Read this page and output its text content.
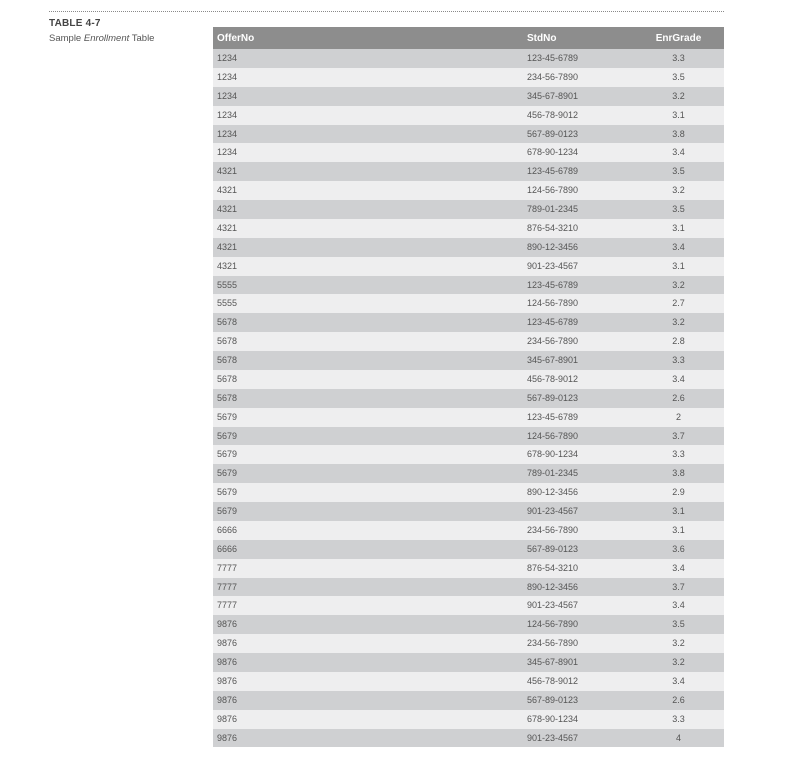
TABLE 4-7
Sample Enrollment Table	OfferNo	StdNo	EnrGrade
1234	123-45-6789	3.3
1234	234-56-7890	3.5
1234	345-67-8901	3.2
1234	456-78-9012	3.1
1234	567-89-0123	3.8
1234	678-90-1234	3.4
4321	123-45-6789	3.5
4321	124-56-7890	3.2
4321	789-01-2345	3.5
4321	876-54-3210	3.1
4321	890-12-3456	3.4
4321	901-23-4567	3.1
5555	123-45-6789	3.2
5555	124-56-7890	2.7
5678	123-45-6789	3.2
5678	234-56-7890	2.8
5678	345-67-8901	3.3
5678	456-78-9012	3.4
5678	567-89-0123	2.6
5679	123-45-6789	2
5679	124-56-7890	3.7
5679	678-90-1234	3.3
5679	789-01-2345	3.8
5679	890-12-3456	2.9
5679	901-23-4567	3.1
6666	234-56-7890	3.1
6666	567-89-0123	3.6
7777	876-54-3210	3.4
7777	890-12-3456	3.7
7777	901-23-4567	3.4
9876	124-56-7890	3.5
9876	234-56-7890	3.2
9876	345-67-8901	3.2
9876	456-78-9012	3.4
9876	567-89-0123	2.6
9876	678-90-1234	3.3
9876	901-23-4567	4
